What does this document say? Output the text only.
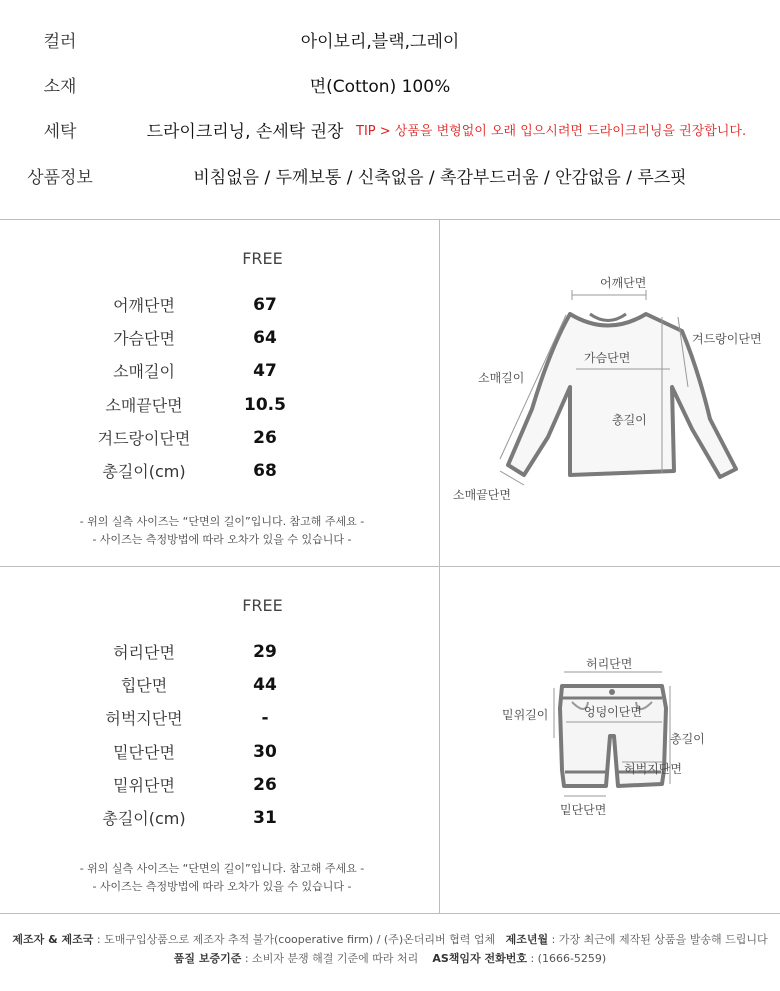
컬러	아이보리,블랙,그레이
소재	면(Cotton) 100%
세탁	드라이크리닝, 손세탁 권장 TIP > 상품을 변형없이 오래 입으시려면 드라이크리닝을 권장합니다.
상품정보	비침없음 / 두께보통 / 신축없음 / 촉감부드러움 / 안감없음 / 루즈핏
FREE
어깨단면	67
가슴단면	64
소매길이	47
소매끝단면	10.5
겨드랑이단면	26
총길이(cm)	68
- 위의 실측 사이즈는 “단면의 길이”입니다. 참고해 주세요 -
- 사이즈는 측정방법에 따라 오차가 있을 수 있습니다 -
어깨단면
겨드랑이단면
소매길이
가슴단면
총길이
소매끝단면
FREE
허리단면	29
힙단면	44
허벅지단면	-
밑단단면	30
밑위단면	26
총길이(cm)	31
- 위의 실측 사이즈는 “단면의 길이”입니다. 참고해 주세요 -
- 사이즈는 측정방법에 따라 오차가 있을 수 있습니다 -
허리단면
밑위길이	엉덩이단면
총길이
허벅지단면
밑단단면
제조자 & 제조국 : 도매구입상품으로 제조자 추적 불가(cooperative firm) / (주)온더리버 협력 업체 제조년월 : 가장 최근에 제작된 상품을 발송해 드립니다
품질 보증기준 : 소비자 분쟁 해결 기준에 따라 처리 AS책임자 전화번호 : (1666-5259)
